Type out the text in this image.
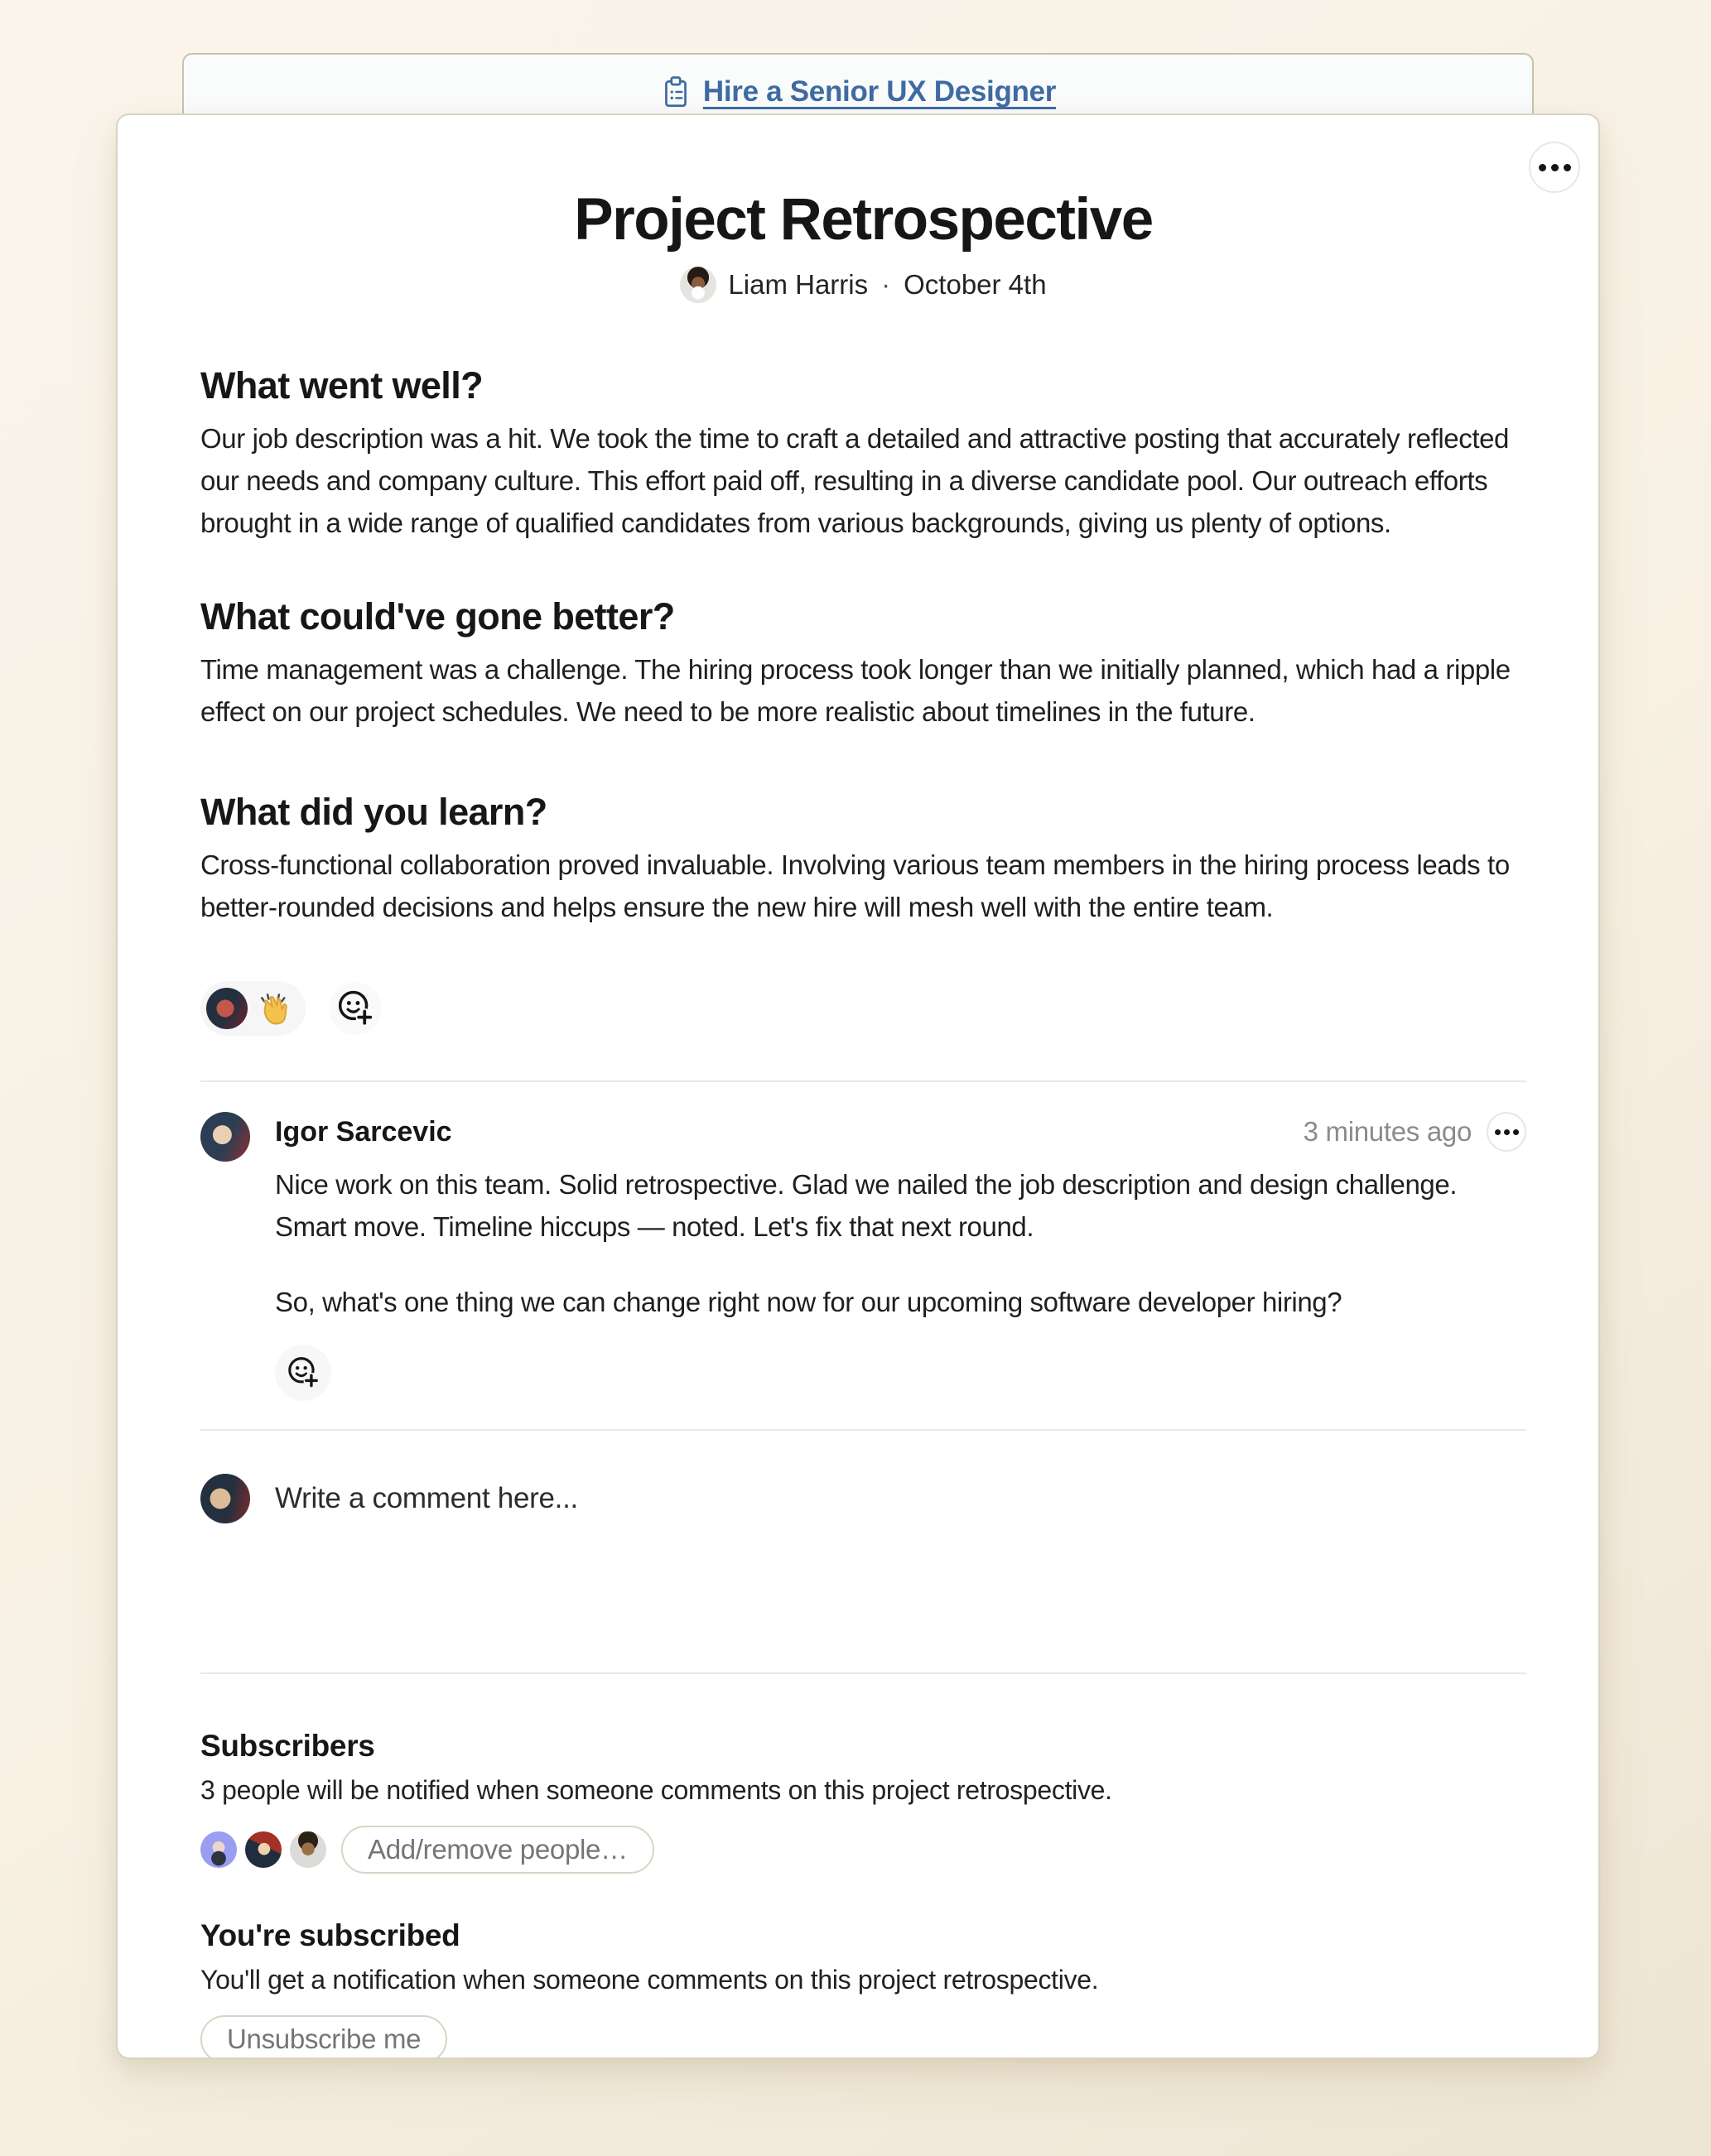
Hire a Senior UX Designer
Project Retrospective
Liam Harris · October 4th
What went well?

Our job description was a hit. We took the time to craft a detailed and attractive posting that accurately reflected our needs and company culture. This effort paid off, resulting in a diverse candidate pool. Our outreach efforts brought in a wide range of qualified candidates from various backgrounds, giving us plenty of options.

What could've gone better?

Time management was a challenge. The hiring process took longer than we initially planned, which had a ripple effect on our project schedules. We need to be more realistic about timelines in the future.

What did you learn?

Cross-functional collaboration proved invaluable. Involving various team members in the hiring process leads to better-rounded decisions and helps ensure the new hire will mesh well with the entire team.

Igor Sarcevic	3 minutes ago

Nice work on this team. Solid retrospective. Glad we nailed the job description and design challenge. Smart move. Timeline hiccups — noted. Let's fix that next round.

So, what's one thing we can change right now for our upcoming software developer hiring?

Write a comment here...
Subscribers

3 people will be notified when someone comments on this project retrospective.

Add/remove people…
You're subscribed

You'll get a notification when someone comments on this project retrospective.

Unsubscribe me
